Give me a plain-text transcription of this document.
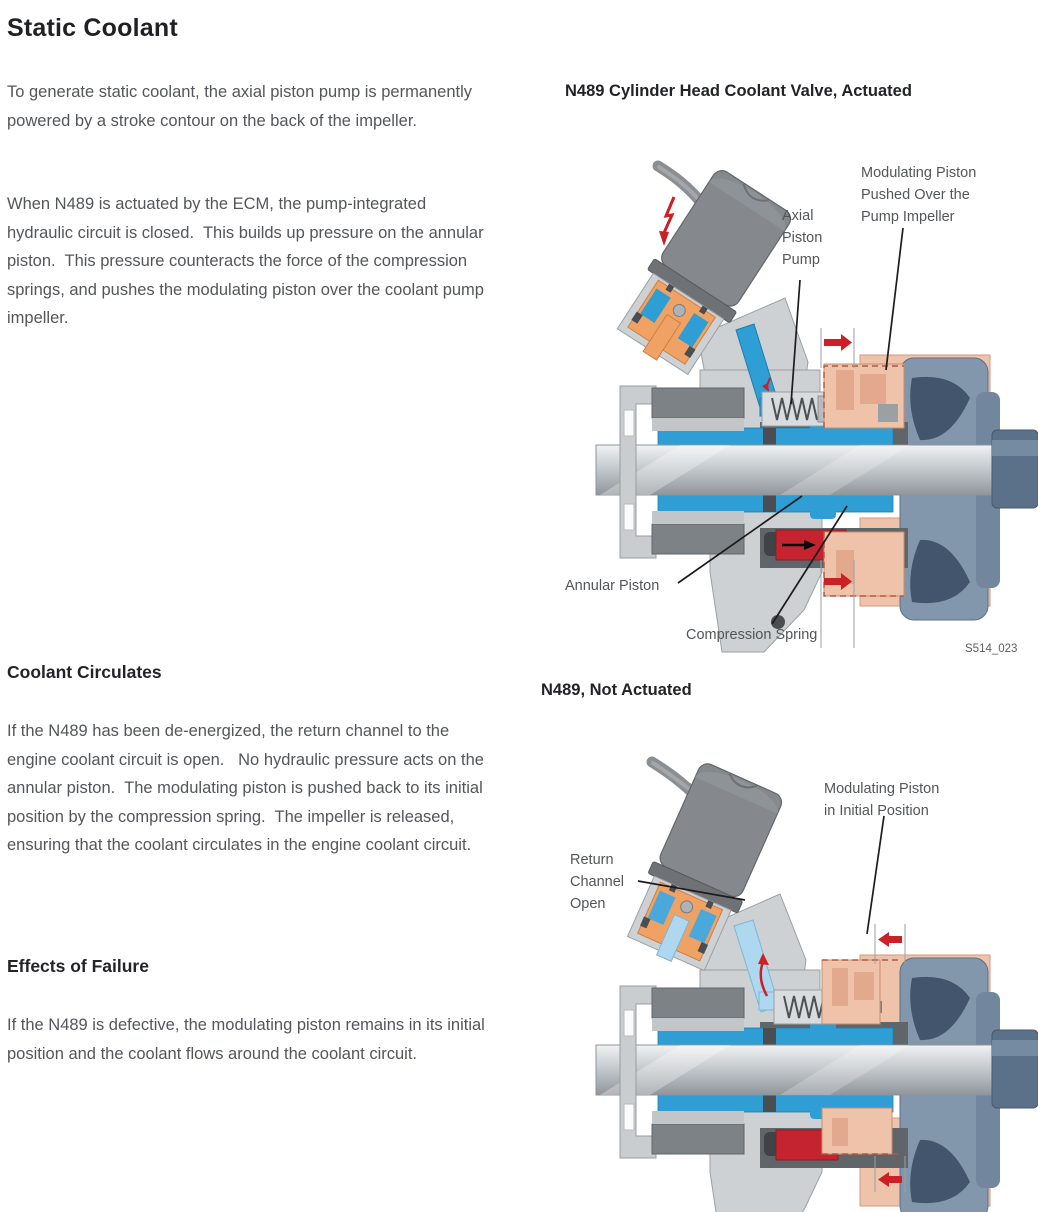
Static Coolant
To generate static coolant, the axial piston pump is permanently powered by a stroke contour on the back of the impeller.
When N489 is actuated by the ECM, the pump-integrated hydraulic circuit is closed.  This builds up pressure on the annular piston.  This pressure counteracts the force of the compression springs, and pushes the modulating piston over the coolant pump impeller.
Coolant Circulates
If the N489 has been de-energized, the return channel to the engine coolant circuit is open.   No hydraulic pressure acts on the annular piston.  The modulating piston is pushed back to its initial position by the compression spring.  The impeller is released, ensuring that the coolant circulates in the engine coolant circuit.
Effects of Failure
If the N489 is defective, the modulating piston remains in its initial position and the coolant flows around the coolant circuit.
N489 Cylinder Head Coolant Valve, Actuated
Axial
Piston
Pump
Modulating Piston
Pushed Over the
Pump Impeller
Annular Piston
Compression Spring
S514_023
N489, Not Actuated
Return
Channel
Open
Modulating Piston
in Initial Position
